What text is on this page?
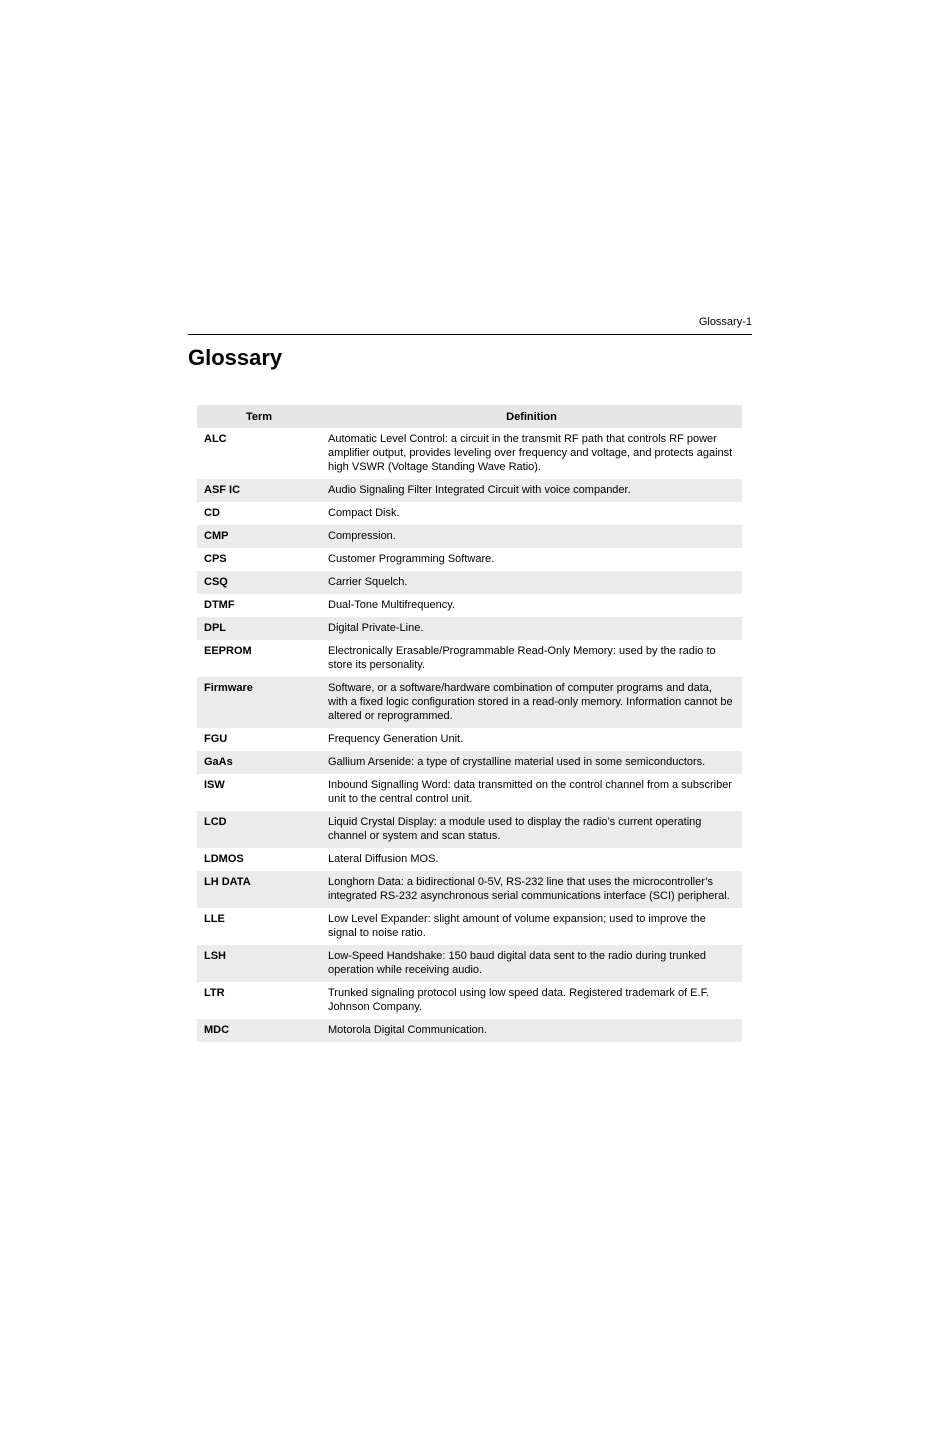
Glossary-1
Glossary
Term	Definition
ALC	Automatic Level Control: a circuit in the transmit RF path that controls RF power amplifier output, provides leveling over frequency and voltage, and protects against high VSWR (Voltage Standing Wave Ratio).
ASF IC	Audio Signaling Filter Integrated Circuit with voice compander.
CD	Compact Disk.
CMP	Compression.
CPS	Customer Programming Software.
CSQ	Carrier Squelch.
DTMF	Dual-Tone Multifrequency.
DPL	Digital Private-Line.
EEPROM	Electronically Erasable/Programmable Read-Only Memory: used by the radio to store its personality.
Firmware	Software, or a software/hardware combination of computer programs and data, with a fixed logic configuration stored in a read-only memory. Information cannot be altered or reprogrammed.
FGU	Frequency Generation Unit.
GaAs	Gallium Arsenide: a type of crystalline material used in some semiconductors.
ISW	Inbound Signalling Word: data transmitted on the control channel from a subscriber unit to the central control unit.
LCD	Liquid Crystal Display: a module used to display the radio’s current operating channel or system and scan status.
LDMOS	Lateral Diffusion MOS.
LH DATA	Longhorn Data: a bidirectional 0-5V, RS-232 line that uses the microcontroller’s integrated RS-232 asynchronous serial communications interface (SCI) peripheral.
LLE	Low Level Expander: slight amount of volume expansion; used to improve the signal to noise ratio.
LSH	Low-Speed Handshake: 150 baud digital data sent to the radio during trunked operation while receiving audio.
LTR	Trunked signaling protocol using low speed data. Registered trademark of E.F. Johnson Company.
MDC	Motorola Digital Communication.
